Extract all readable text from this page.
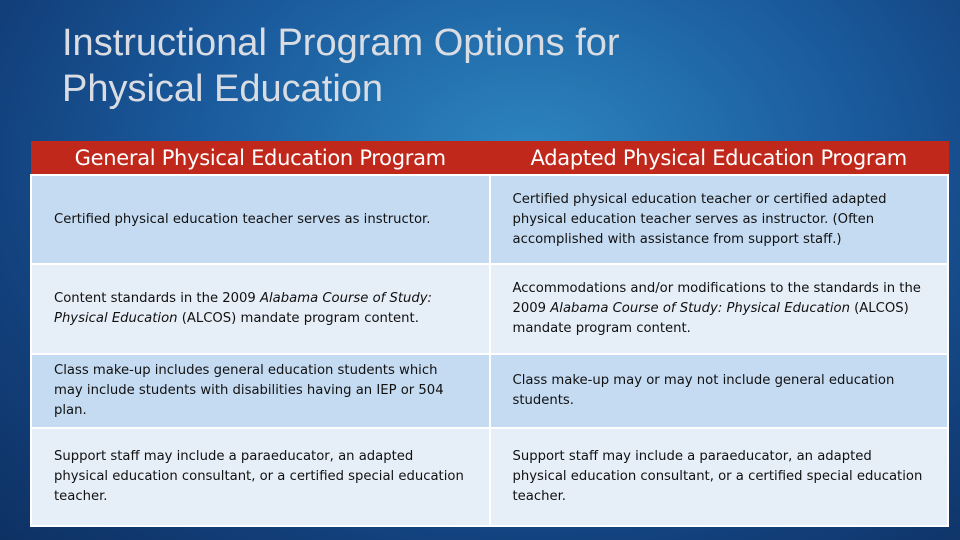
Instructional Program Options for
Physical Education
General Physical Education Program	Adapted Physical Education Program
Certified physical education teacher serves as instructor.	Certified physical education teacher or certified adapted physical education teacher serves as instructor. (Often accomplished with assistance from support staff.)
Content standards in the 2009 Alabama Course of Study: Physical Education (ALCOS) mandate program content.	Accommodations and/or modifications to the standards in the 2009 Alabama Course of Study: Physical Education (ALCOS) mandate program content.
Class make-up includes general education students which may include students with disabilities having an IEP or 504 plan.	Class make-up may or may not include general education students.
Support staff may include a paraeducator, an adapted physical education consultant, or a certified special education teacher.	Support staff may include a paraeducator, an adapted physical education consultant, or a certified special education teacher.
